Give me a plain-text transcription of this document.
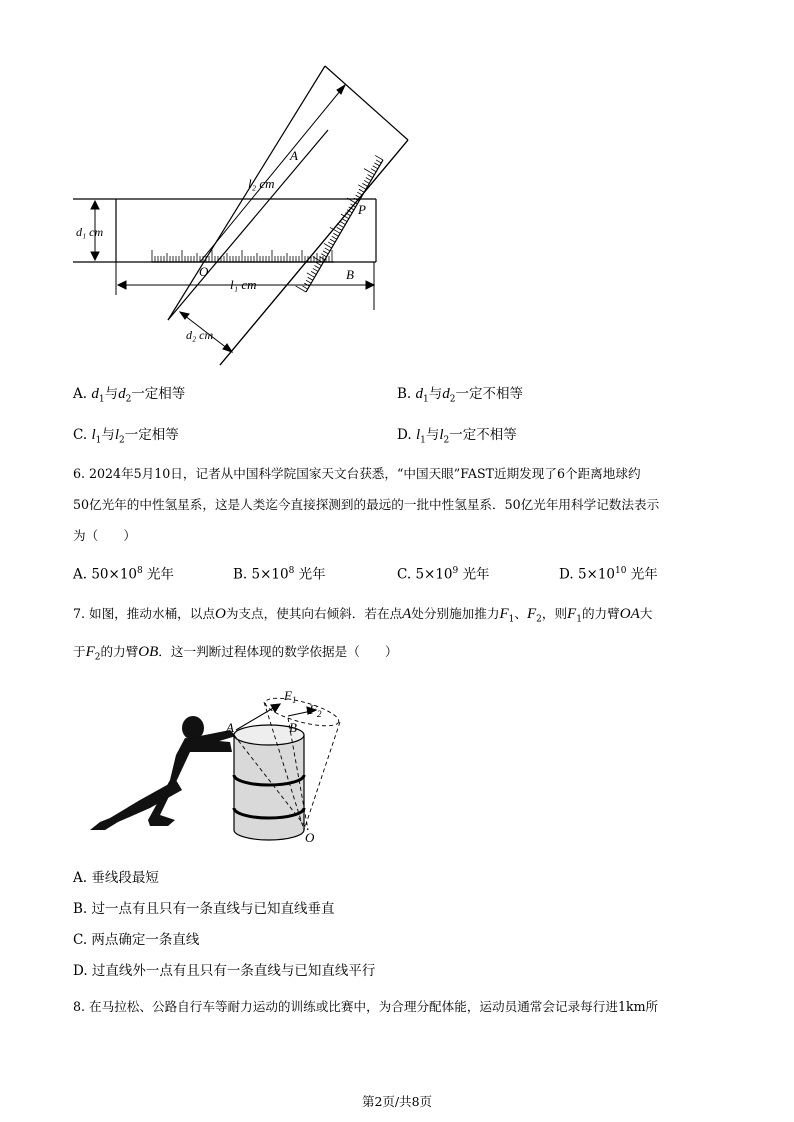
A
l₂ cm
P
d₁ cm
O	B
l₁ cm
d₂ cm
A. $d_1$与$d_2$一定相等	B. $d_1$与$d_2$一定不相等
C. $l_1$与$l_2$一定相等	D. $l_1$与$l_2$一定不相等
6. 2024年5月10日，记者从中国科学院国家天文台获悉，“中国天眼”FAST近期发现了6个距离地球约
50亿光年的中性氢星系，这是人类迄今直接探测到的最远的一批中性氢星系．50亿光年用科学记数法表示
为（　　）
A. $50\times 10^8$ 光年	B. $5\times 10^8$ 光年	C. $5\times 10^9$ 光年	D. $5\times 10^{10}$ 光年
7. 如图，推动水桶，以点O为支点，使其向右倾斜．若在点A处分别施加推力$F_1$、$F_2$，则$F_1$的力臂OA大
于$F_2$的力臂OB．这一判断过程体现的数学依据是（　　）
$F_1$
$F_2$
A	B
O
A. 垂线段最短
B. 过一点有且只有一条直线与已知直线垂直
C. 两点确定一条直线
D. 过直线外一点有且只有一条直线与已知直线平行
8. 在马拉松、公路自行车等耐力运动的训练或比赛中，为合理分配体能，运动员通常会记录每行进1km所
第2页/共8页
